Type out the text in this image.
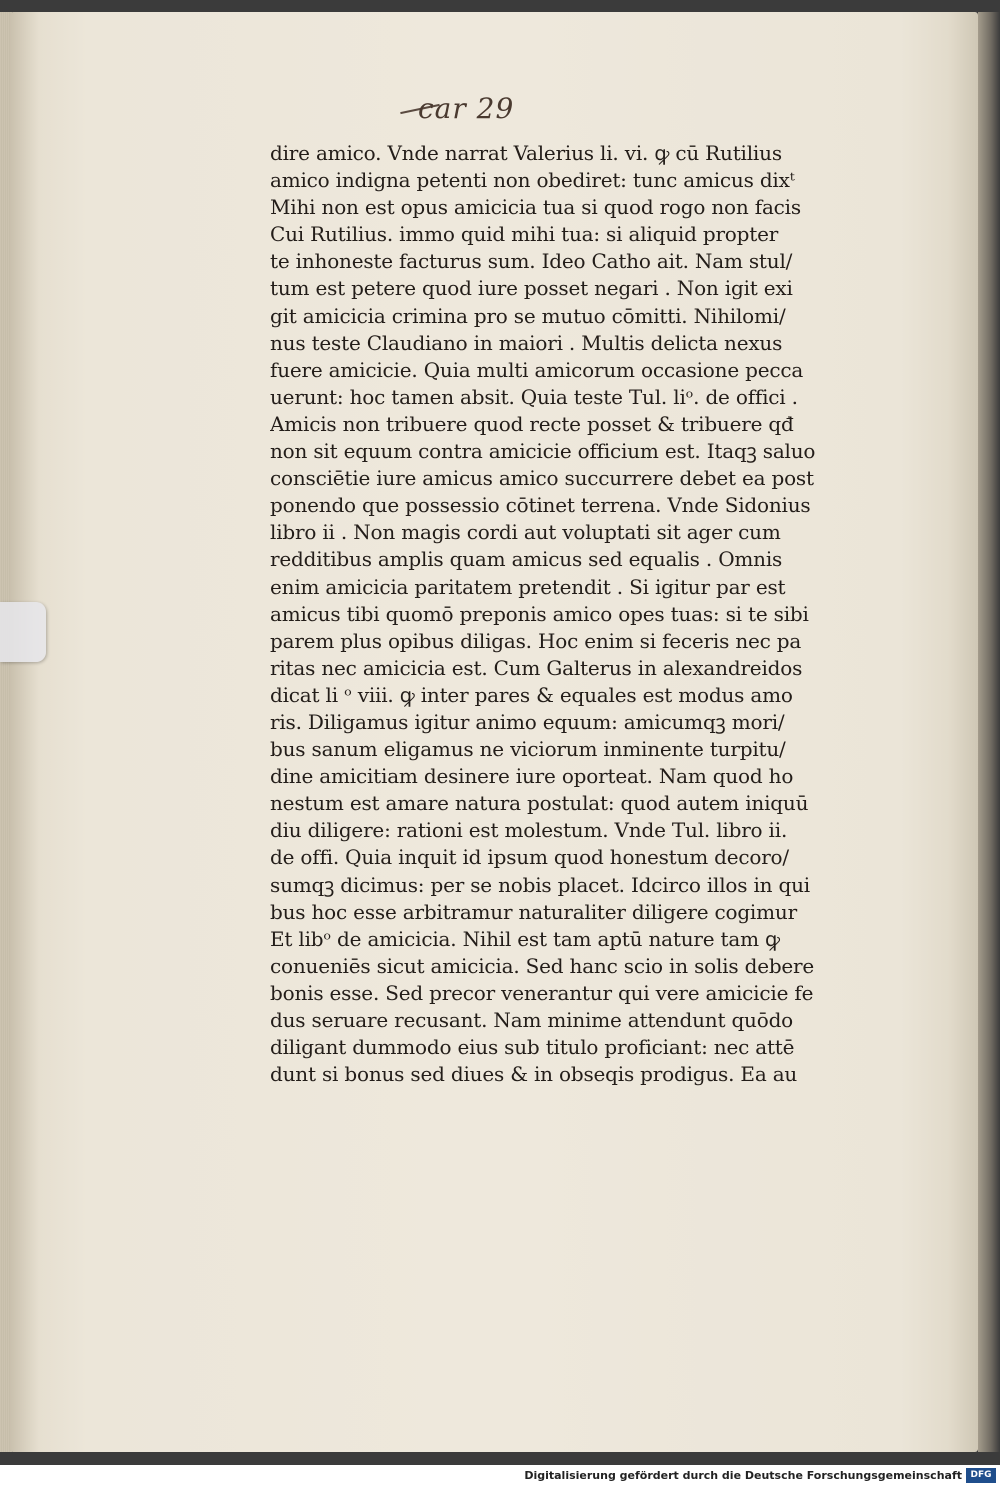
car 29
dire amico. Vnde narrat Valerius li. vi. ꝙ cū Rutilius
amico indigna petenti non obediret: tunc amicus dixᵗ
Mihi non est opus amicicia tua si quod rogo non facis
Cui Rutilius. immo quid mihi tua: si aliquid propter
te inhoneste facturus sum. Ideo Catho ait. Nam stul/
tum est petere quod iure posset negari . Non igit exi
git amicicia crimina pro se mutuo cōmitti. Nihilomi/
nus teste Claudiano in maiori . Multis delicta nexus
fuere amicicie. Quia multi amicorum occasione pecca
uerunt: hoc tamen absit. Quia teste Tul. liᵒ. de offici .
Amicis non tribuere quod recte posset & tribuere qđ
non sit equum contra amicicie officium est. Itaqꝫ saluo
consciētie iure amicus amico succurrere debet ea post
ponendo que possessio cōtinet terrena. Vnde Sidonius
libro ii . Non magis cordi aut voluptati sit ager cum
redditibus amplis quam amicus sed equalis . Omnis
enim amicicia paritatem pretendit . Si igitur par est
amicus tibi quomō preponis amico opes tuas: si te sibi
parem plus opibus diligas. Hoc enim si feceris nec pa
ritas nec amicicia est. Cum Galterus in alexandreidos
dicat li ᵒ viii. ꝙ inter pares & equales est modus amo
ris. Diligamus igitur animo equum: amicumqꝫ mori/
bus sanum eligamus ne viciorum inminente turpitu/
dine amicitiam desinere iure oporteat. Nam quod ho
nestum est amare natura postulat: quod autem iniquū
diu diligere: rationi est molestum. Vnde Tul. libro ii.
de offi. Quia inquit id ipsum quod honestum decoro/
sumqꝫ dicimus: per se nobis placet. Idcirco illos in qui
bus hoc esse arbitramur naturaliter diligere cogimur
Et libᵒ de amicicia. Nihil est tam aptū nature tam ꝙ
conueniēs sicut amicicia. Sed hanc scio in solis debere
bonis esse. Sed precor venerantur qui vere amicicie fe
dus seruare recusant. Nam minime attendunt quōdo
diligant dummodo eius sub titulo proficiant: nec attē
dunt si bonus sed diues & in obseqis prodigus. Ea au
Digitalisierung gefördert durch die Deutsche Forschungsgemeinschaft DFG
